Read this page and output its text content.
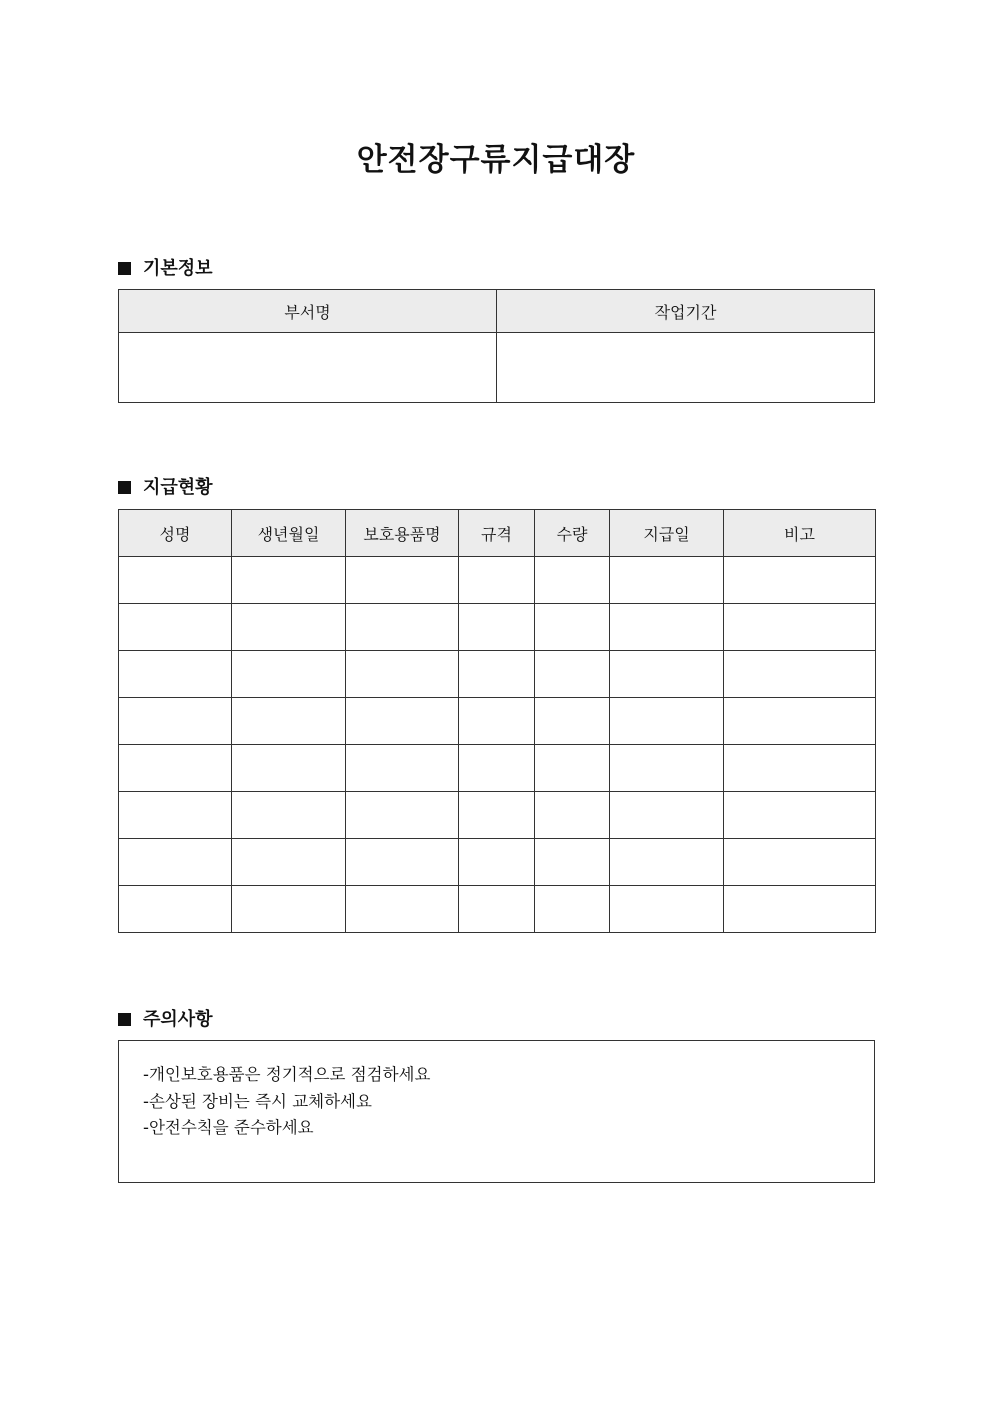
안전장구류지급대장
기본정보
부서명	작업기간

지급현황
성명	생년월일	보호용품명	규격	수량	지급일	비고

주의사항
-개인보호용품은 정기적으로 점검하세요
-손상된 장비는 즉시 교체하세요
-안전수칙을 준수하세요
